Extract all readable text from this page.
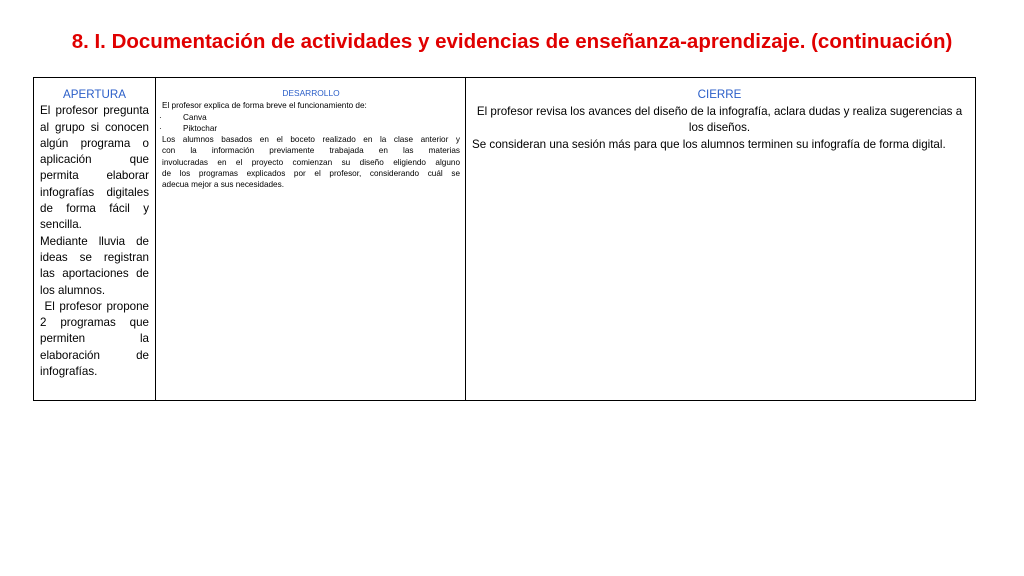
8. I. Documentación de actividades y evidencias de enseñanza-aprendizaje. (continuación)
APERTURA
El profesor pregunta
al grupo si conocen
algún programa o
aplicación que
permita elaborar
infografías digitales
de forma fácil y
sencilla.
Mediante lluvia de
ideas se registran
las aportaciones de
los alumnos.
El profesor propone
2 programas que
permiten la
elaboración de
infografías.
DESARROLLO
El profesor explica de forma breve el funcionamiento de:
·	Canva
·	Piktochar
Los alumnos basados en el boceto realizado en la clase anterior y
con la información previamente trabajada en las materias
involucradas en el proyecto comienzan su diseño eligiendo alguno
de los programas explicados por el profesor, considerando cuál se
adecua mejor a sus necesidades.
CIERRE
El profesor revisa los avances del diseño de la infografía, aclara dudas y realiza sugerencias a
los diseños.
Se consideran una sesión más para que los alumnos terminen su infografía de forma digital.
